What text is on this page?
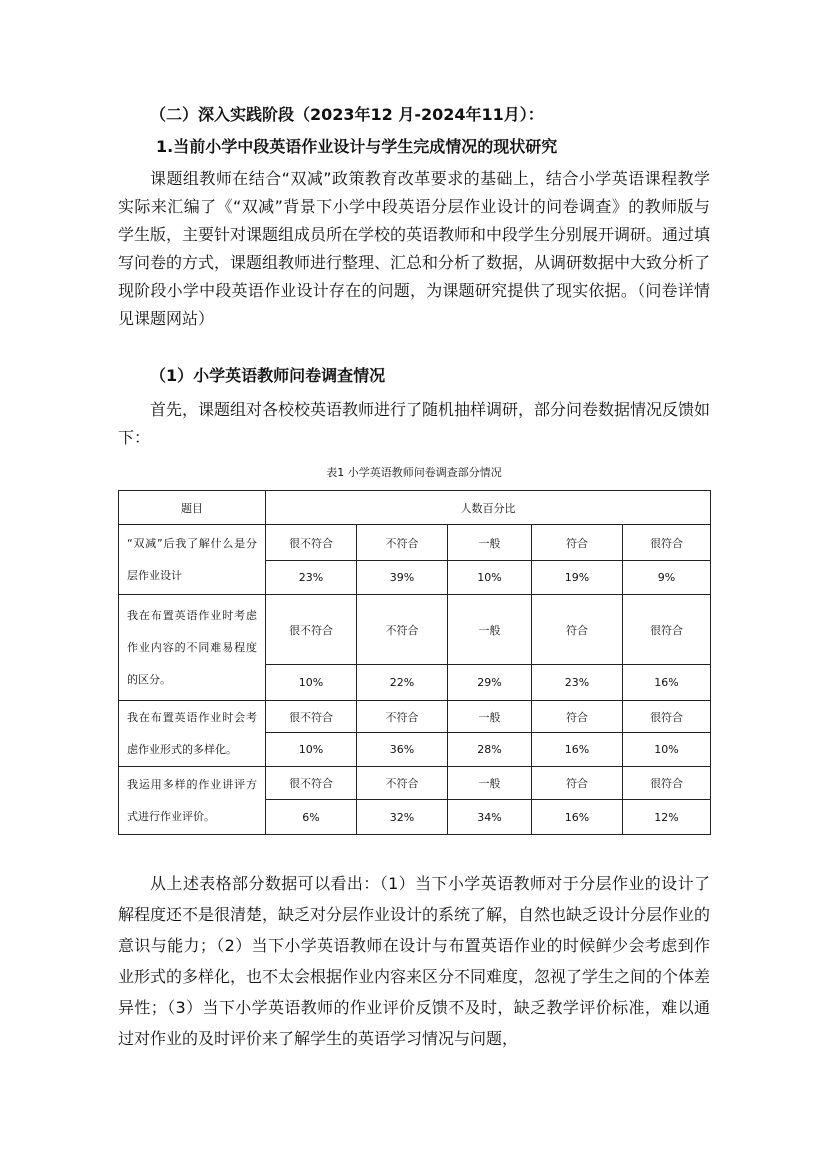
（二）深入实践阶段（2023年12 月-2024年11月）：
1.当前小学中段英语作业设计与学生完成情况的现状研究

课题组教师在结合“双减”政策教育改革要求的基础上，结合小学英语课程教学实际来汇编了《“双减”背景下小学中段英语分层作业设计的问卷调查》的教师版与学生版，主要针对课题组成员所在学校的英语教师和中段学生分别展开调研。通过填写问卷的方式，课题组教师进行整理、汇总和分析了数据，从调研数据中大致分析了现阶段小学中段英语作业设计存在的问题，为课题研究提供了现实依据。（问卷详情见课题网站）

（1）小学英语教师问卷调查情况

首先，课题组对各校校英语教师进行了随机抽样调研，部分问卷数据情况反馈如下：

表1 小学英语教师问卷调查部分情况
题目	人数百分比				

“双减”后我了解什么是分层作业设计	很不符合	不符合	一般	符合	很符合
	23%	39%	10%	19%	9%

我在布置英语作业时考虑作业内容的不同难易程度的区分。	很不符合	不符合	一般	符合	很符合
	10%	22%	29%	23%	16%

我在布置英语作业时会考虑作业形式的多样化。	很不符合	不符合	一般	符合	很符合
	10%	36%	28%	16%	10%

我运用多样的作业讲评方式进行作业评价。	很不符合	不符合	一般	符合	很符合
	6%	32%	34%	16%	12%

从上述表格部分数据可以看出：（1）当下小学英语教师对于分层作业的设计了解程度还不是很清楚，缺乏对分层作业设计的系统了解，自然也缺乏设计分层作业的意识与能力；（2）当下小学英语教师在设计与布置英语作业的时候鲜少会考虑到作业形式的多样化，也不太会根据作业内容来区分不同难度，忽视了学生之间的个体差异性；（3）当下小学英语教师的作业评价反馈不及时，缺乏教学评价标准，难以通过对作业的及时评价来了解学生的英语学习情况与问题，
